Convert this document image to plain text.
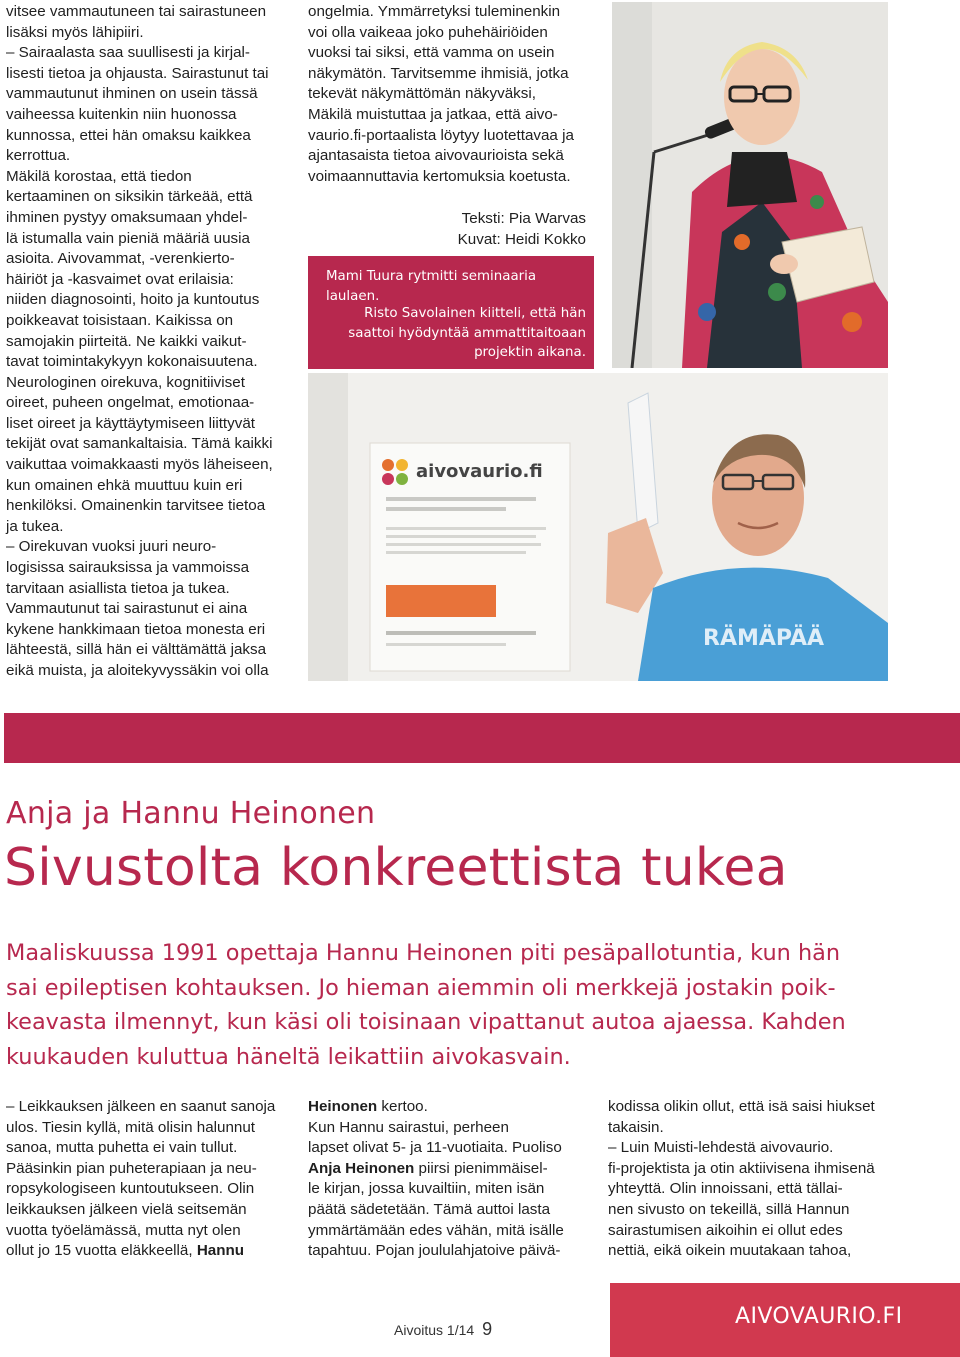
vitsee vammautuneen tai sairastuneen
lisäksi myös lähipiiri.
– Sairaalasta saa suullisesti ja kirjal-
lisesti tietoa ja ohjausta. Sairastunut tai
vammautunut ihminen on usein tässä
vaiheessa kuitenkin niin huonossa
kunnossa, ettei hän omaksu kaikkea
kerrottua.
Mäkilä korostaa, että tiedon
kertaaminen on siksikin tärkeää, että
ihminen pystyy omaksumaan yhdel-
lä istumalla vain pieniä määriä uusia
asioita. Aivovammat, -verenkierto-
häiriöt ja -kasvaimet ovat erilaisia:
niiden diagnosointi, hoito ja kuntoutus
poikkeavat toisistaan. Kaikissa on
samojakin piirteitä. Ne kaikki vaikut-
tavat toimintakykyyn kokonaisuutena.
Neurologinen oirekuva, kognitiiviset
oireet, puheen ongelmat, emotionaa-
liset oireet ja käyttäytymiseen liittyvät
tekijät ovat samankaltaisia. Tämä kaikki
vaikuttaa voimakkaasti myös läheiseen,
kun omainen ehkä muuttuu kuin eri
henkilöksi. Omainenkin tarvitsee tietoa
ja tukea.
– Oirekuvan vuoksi juuri neuro-
logisissa sairauksissa ja vammoissa
tarvitaan asiallista tietoa ja tukea.
Vammautunut tai sairastunut ei aina
kykene hankkimaan tietoa monesta eri
lähteestä, sillä hän ei välttämättä jaksa
eikä muista, ja aloitekyvyssäkin voi olla
ongelmia. Ymmärretyksi tuleminenkin
voi olla vaikeaa joko puhehäiriöiden
vuoksi tai siksi, että vamma on usein
näkymätön. Tarvitsemme ihmisiä, jotka
tekevät näkymättömän näkyväksi,
Mäkilä muistuttaa ja jatkaa, että aivo-
vaurio.fi-portaalista löytyy luotettavaa ja
ajantasaista tietoa aivovaurioista sekä
voimaannuttavia kertomuksia koetusta.
Teksti: Pia Warvas
Kuvat: Heidi Kokko
Mami Tuura rytmitti seminaaria laulaen.
Risto Savolainen kiitteli, että hän
saattoi hyödyntää ammattitaitoaan
projektin aikana.
aivovaurio.fi
RÄMÄPÄÄ
Anja ja Hannu Heinonen
Sivustolta konkreettista tukea
Maaliskuussa 1991 opettaja Hannu Heinonen piti pesäpallotuntia, kun hän
sai epileptisen kohtauksen. Jo hieman aiemmin oli merkkejä jostakin poik-
keavasta ilmennyt, kun käsi oli toisinaan vipattanut autoa ajaessa. Kahden
kuukauden kuluttua häneltä leikattiin aivokasvain.
– Leikkauksen jälkeen en saanut sanoja
ulos. Tiesin kyllä, mitä olisin halunnut
sanoa, mutta puhetta ei vain tullut.
Pääsinkin pian puheterapiaan ja neu-
ropsykologiseen kuntoutukseen. Olin
leikkauksen jälkeen vielä seitsemän
vuotta työelämässä, mutta nyt olen
ollut jo 15 vuotta eläkkeellä, Hannu
Heinonen kertoo.
Kun Hannu sairastui, perheen
lapset olivat 5- ja 11-vuotiaita. Puoliso
Anja Heinonen piirsi pienimmäisel-
le kirjan, jossa kuvailtiin, miten isän
päätä sädetetään. Tämä auttoi lasta
ymmärtämään edes vähän, mitä isälle
tapahtuu. Pojan joululahjatoive päivä-
kodissa olikin ollut, että isä saisi hiukset
takaisin.
– Luin Muisti-lehdestä aivovaurio.
fi-projektista ja otin aktiivisena ihmisenä
yhteyttä. Olin innoissani, että tällai-
nen sivusto on tekeillä, sillä Hannun
sairastumisen aikoihin ei ollut edes
nettiä, eikä oikein muutakaan tahoa,
Aivoitus 1/14 9	AIVOVAURIO.FI
